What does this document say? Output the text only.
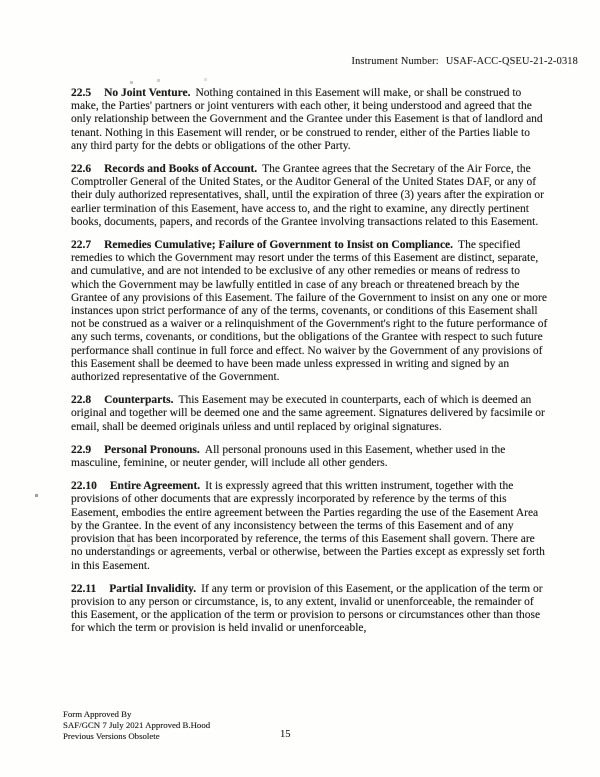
Instrument Number: USAF-ACC-QSEU-21-2-0318

22.5 No Joint Venture. Nothing contained in this Easement will make, or shall be construed to make, the Parties' partners or joint venturers with each other, it being understood and agreed that the only relationship between the Government and the Grantee under this Easement is that of landlord and tenant. Nothing in this Easement will render, or be construed to render, either of the Parties liable to any third party for the debts or obligations of the other Party.

22.6 Records and Books of Account. The Grantee agrees that the Secretary of the Air Force, the Comptroller General of the United States, or the Auditor General of the United States DAF, or any of their duly authorized representatives, shall, until the expiration of three (3) years after the expiration or earlier termination of this Easement, have access to, and the right to examine, any directly pertinent books, documents, papers, and records of the Grantee involving transactions related to this Easement.

22.7 Remedies Cumulative; Failure of Government to Insist on Compliance. The specified remedies to which the Government may resort under the terms of this Easement are distinct, separate, and cumulative, and are not intended to be exclusive of any other remedies or means of redress to which the Government may be lawfully entitled in case of any breach or threatened breach by the Grantee of any provisions of this Easement. The failure of the Government to insist on any one or more instances upon strict performance of any of the terms, covenants, or conditions of this Easement shall not be construed as a waiver or a relinquishment of the Government's right to the future performance of any such terms, covenants, or conditions, but the obligations of the Grantee with respect to such future performance shall continue in full force and effect. No waiver by the Government of any provisions of this Easement shall be deemed to have been made unless expressed in writing and signed by an authorized representative of the Government.

22.8 Counterparts. This Easement may be executed in counterparts, each of which is deemed an original and together will be deemed one and the same agreement. Signatures delivered by facsimile or email, shall be deemed originals unless and until replaced by original signatures.

22.9 Personal Pronouns. All personal pronouns used in this Easement, whether used in the masculine, feminine, or neuter gender, will include all other genders.

22.10 Entire Agreement. It is expressly agreed that this written instrument, together with the provisions of other documents that are expressly incorporated by reference by the terms of this Easement, embodies the entire agreement between the Parties regarding the use of the Easement Area by the Grantee. In the event of any inconsistency between the terms of this Easement and of any provision that has been incorporated by reference, the terms of this Easement shall govern. There are no understandings or agreements, verbal or otherwise, between the Parties except as expressly set forth in this Easement.

22.11 Partial Invalidity. If any term or provision of this Easement, or the application of the term or provision to any person or circumstance, is, to any extent, invalid or unenforceable, the remainder of this Easement, or the application of the term or provision to persons or circumstances other than those for which the term or provision is held invalid or unenforceable,

Form Approved By
SAF/GCN 7 July 2021 Approved B.Hood
Previous Versions Obsolete	15
